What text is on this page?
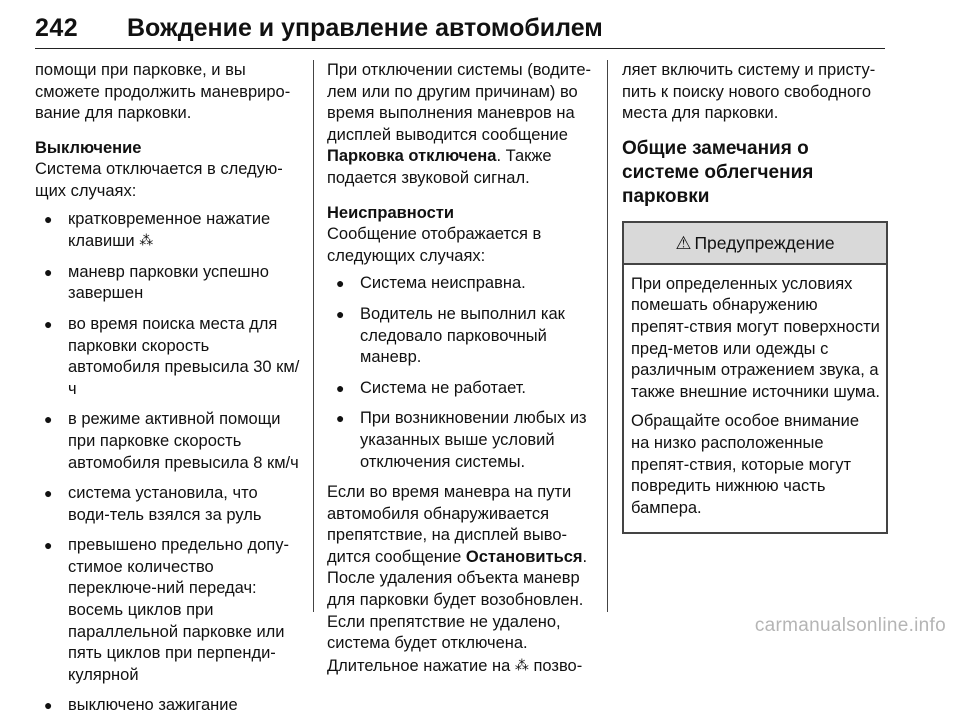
242 Вождение и управление автомобилем

помощи при парковке, и вы сможете продолжить маневриро-вание для парковки.

Выключение

Система отключается в следую-щих случаях:

● кратковременное нажатие клавиши ⁂
● маневр парковки успешно завершен
● во время поиска места для парковки скорость автомобиля превысила 30 км/ч
● в режиме активной помощи при парковке скорость автомобиля превысила 8 км/ч
● система установила, что води-тель взялся за руль
● превышено предельно допу-стимое количество переключе-ний передач: восемь циклов при параллельной парковке или пять циклов при перпенди-кулярной
● выключено зажигание

При отключении системы (водите-лем или по другим причинам) во время выполнения маневров на дисплей выводится сообщение Парковка отключена. Также подается звуковой сигнал.

Неисправности

Сообщение отображается в следующих случаях:

● Система неисправна.
● Водитель не выполнил как следовало парковочный маневр.
● Система не работает.
● При возникновении любых из указанных выше условий отключения системы.

Если во время маневра на пути автомобиля обнаруживается препятствие, на дисплей выво-дится сообщение Остановиться. После удаления объекта маневр для парковки будет возобновлен. Если препятствие не удалено, система будет отключена. Длительное нажатие на ⁂ позво-

ляет включить систему и присту-пить к поиску нового свободного места для парковки.

Общие замечания о системе облегчения парковки

⚠ Предупреждение

При определенных условиях помешать обнаружению препят-ствия могут поверхности пред-метов или одежды с различным отражением звука, а также внешние источники шума.

Обращайте особое внимание на низко расположенные препят-ствия, которые могут повредить нижнюю часть бампера.

carmanualsonline.info
